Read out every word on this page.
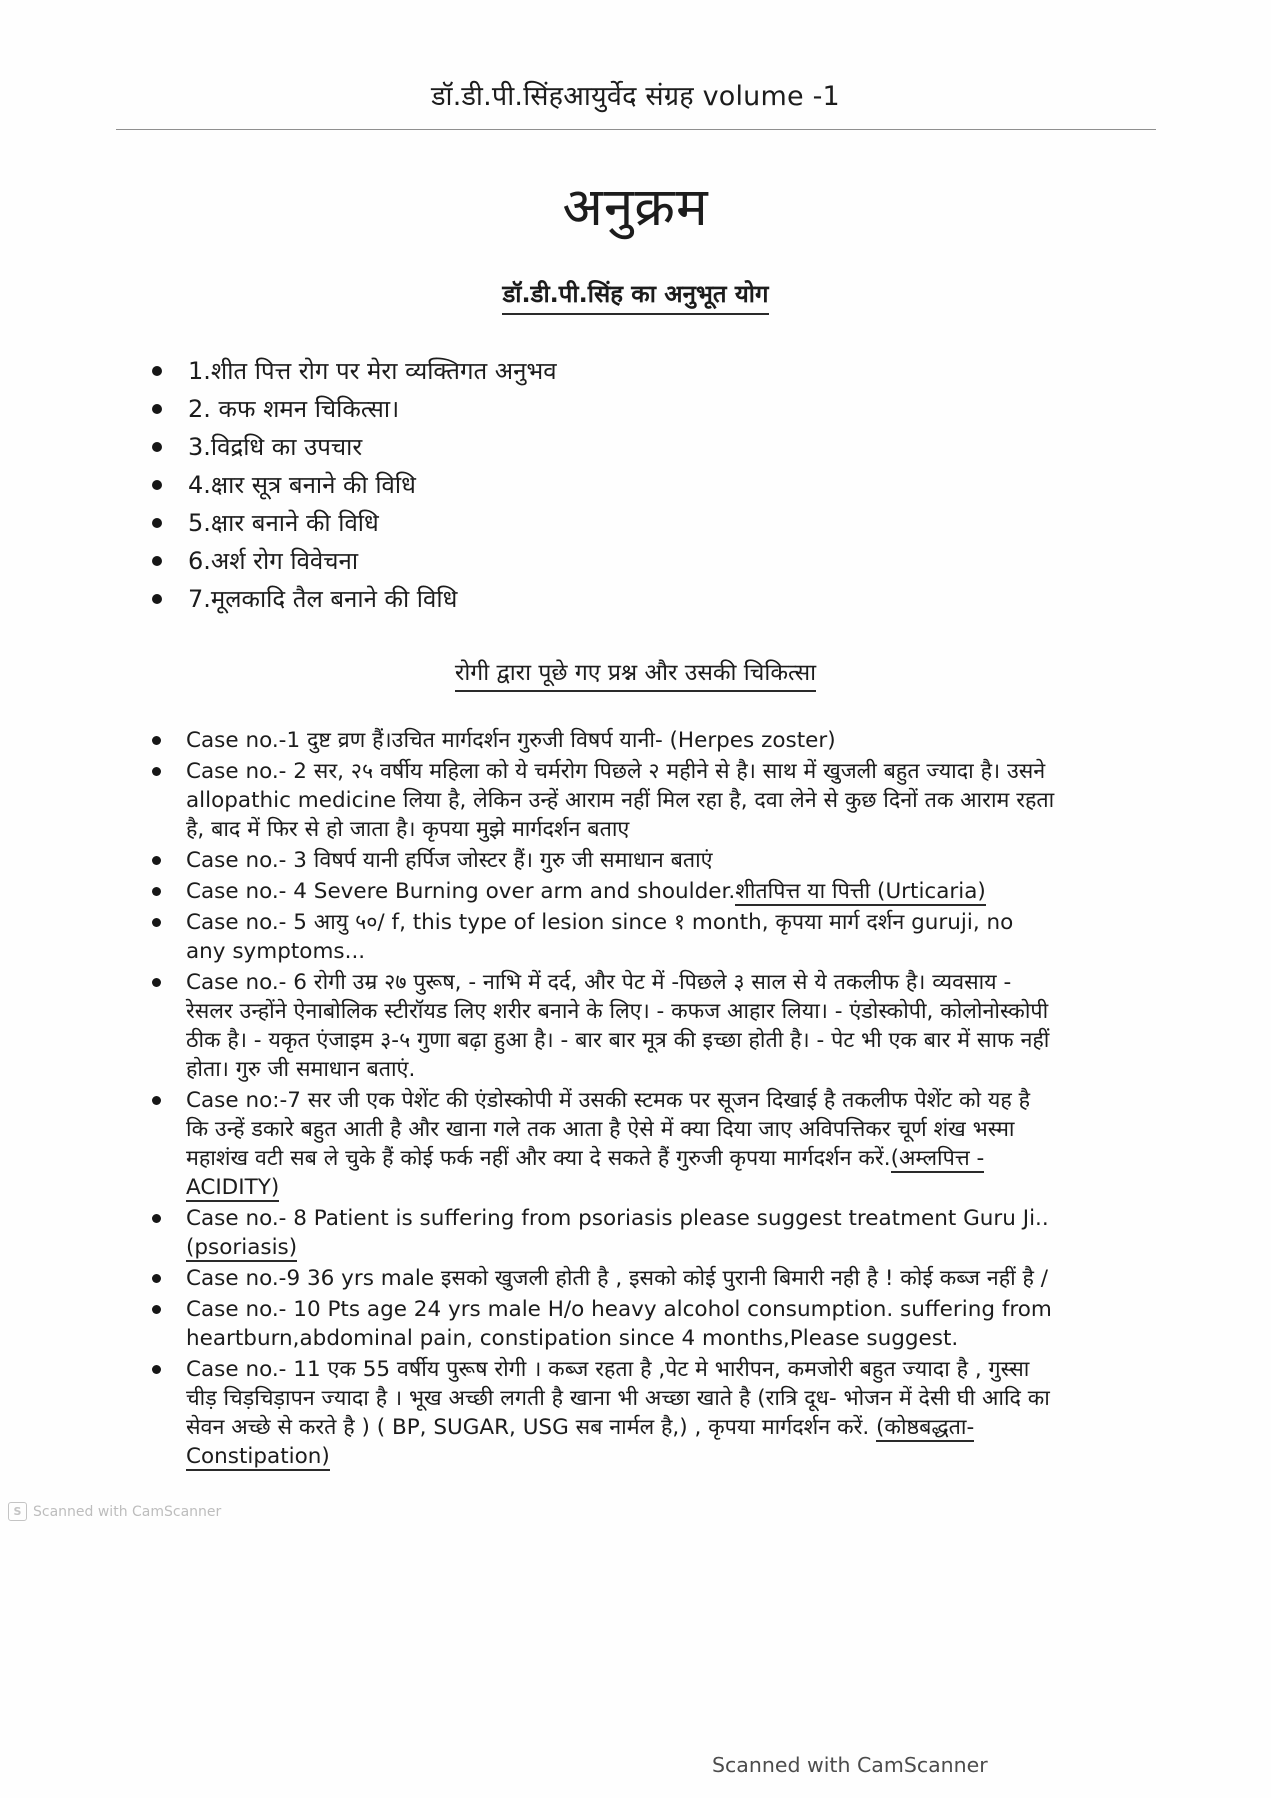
डॉ.डी.पी.सिंहआयुर्वेद संग्रह volume -1
अनुक्रम
डॉ.डी.पी.सिंह का अनुभूत योग
1.शीत पित्त रोग पर मेरा व्यक्तिगत अनुभव
2. कफ शमन चिकित्सा।
3.विद्रधि का उपचार
4.क्षार सूत्र बनाने की विधि
5.क्षार बनाने की विधि
6.अर्श रोग विवेचना
7.मूलकादि तैल बनाने की विधि
रोगी द्वारा पूछे गए प्रश्न और उसकी चिकित्सा
Case no.-1 दुष्ट व्रण हैं।उचित मार्गदर्शन गुरुजी विषर्प यानी- (Herpes zoster)
Case no.- 2 सर, २५ वर्षीय महिला को ये चर्मरोग पिछले २ महीने से है। साथ में खुजली बहुत ज्यादा है। उसने allopathic medicine लिया है, लेकिन उन्हें आराम नहीं मिल रहा है, दवा लेने से कुछ दिनों तक आराम रहता है, बाद में फिर से हो जाता है। कृपया मुझे मार्गदर्शन बताए
Case no.- 3 विषर्प यानी हर्पिज जोस्टर हैं। गुरु जी समाधान बताएं
Case no.- 4 Severe Burning over arm and shoulder.शीतपित्त या पित्ती (Urticaria)
Case no.- 5 आयु ५०/ f, this type of lesion since १ month, कृपया मार्ग दर्शन guruji, no any symptoms...
Case no.- 6 रोगी उम्र २७ पुरूष, - नाभि में दर्द, और पेट में -पिछले ३ साल से ये तकलीफ है। व्यवसाय - रेसलर उन्होंने ऐनाबोलिक स्टीरॉयड लिए शरीर बनाने के लिए। - कफज आहार लिया। - एंडोस्कोपी, कोलोनोस्कोपी ठीक है। - यकृत एंजाइम ३-५ गुणा बढ़ा हुआ है। - बार बार मूत्र की इच्छा होती है। - पेट भी एक बार में साफ नहीं होता। गुरु जी समाधान बताएं.
Case no:-7 सर जी एक पेशेंट की एंडोस्कोपी में उसकी स्टमक पर सूजन दिखाई है तकलीफ पेशेंट को यह है कि उन्हें डकारे बहुत आती है और खाना गले तक आता है ऐसे में क्या दिया जाए अविपत्तिकर चूर्ण शंख भस्मा महाशंख वटी सब ले चुके हैं कोई फर्क नहीं और क्या दे सकते हैं गुरुजी कृपया मार्गदर्शन करें.(अम्लपित्त -ACIDITY)
Case no.- 8 Patient is suffering from psoriasis please suggest treatment Guru Ji..
(psoriasis)
Case no.-9 36 yrs male इसको खुजली होती है , इसको कोई पुरानी बिमारी नही है ! कोई कब्ज नहीं है /
Case no.- 10 Pts age 24 yrs male H/o heavy alcohol consumption. suffering from heartburn,abdominal pain, constipation since 4 months,Please suggest.
Case no.- 11 एक 55 वर्षीय पुरूष रोगी । कब्ज रहता है ,पेट मे भारीपन, कमजोरी बहुत ज्यादा है , गुस्सा चीड़ चिड़चिड़ापन ज्यादा है । भूख अच्छी लगती है खाना भी अच्छा खाते है (रात्रि दूध- भोजन में देसी घी आदि का सेवन अच्छे से करते है ) ( BP, SUGAR, USG सब नार्मल है,) , कृपया मार्गदर्शन करें. (कोष्ठबद्धता-Constipation)
S Scanned with CamScanner
Scanned with CamScanner
